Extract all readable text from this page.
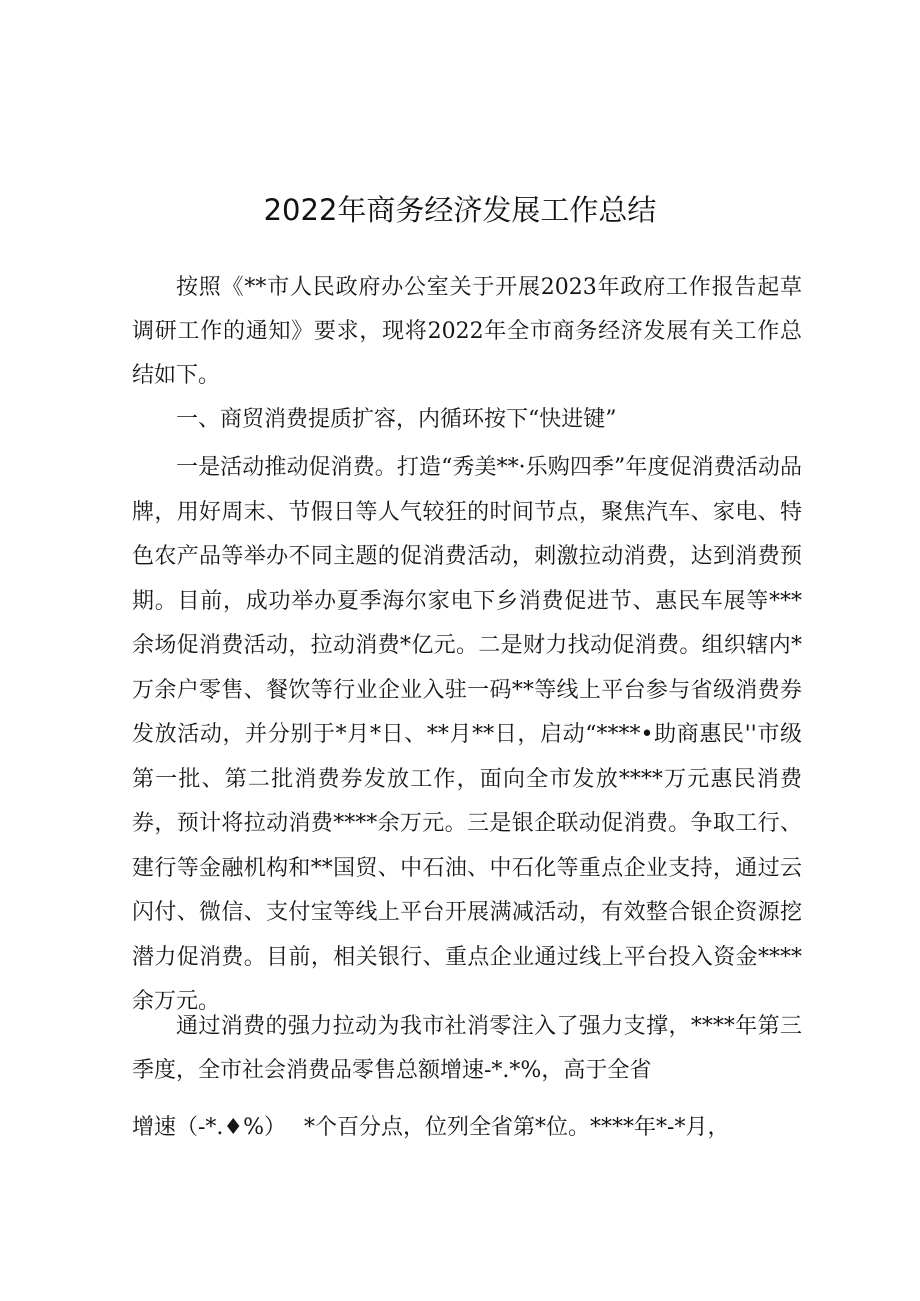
2022年商务经济发展工作总结

按照《**市人民政府办公室关于开展2023年政府工作报告起草调研工作的通知》要求，现将2022年全市商务经济发展有关工作总结如下。

一、商贸消费提质扩容，内循环按下“快进键”

一是活动推动促消费。打造“秀美**·乐购四季”年度促消费活动品牌，用好周末、节假日等人气较狂的时间节点，聚焦汽车、家电、特色农产品等举办不同主题的促消费活动，刺激拉动消费，达到消费预期。目前，成功举办夏季海尔家电下乡消费促进节、惠民车展等***余场促消费活动，拉动消费*亿元。二是财力找动促消费。组织辖内*万余户零售、餐饮等行业企业入驻一码**等线上平台参与省级消费券发放活动，并分别于*月*日、**月**日，启动“****•助商惠民''市级第一批、第二批消费券发放工作，面向全市发放****万元惠民消费券，预计将拉动消费****余万元。三是银企联动促消费。争取工行、建行等金融机构和**国贸、中石油、中石化等重点企业支持，通过云闪付、微信、支付宝等线上平台开展满减活动，有效整合银企资源挖潜力促消费。目前，相关银行、重点企业通过线上平台投入资金****余万元。

通过消费的强力拉动为我市社消零注入了强力支撑，****年第三季度，全市社会消费品零售总额增速-*.*%，高于全省

增速（-*.♦%）　 *个百分点，位列全省第*位。****年*-*月，
